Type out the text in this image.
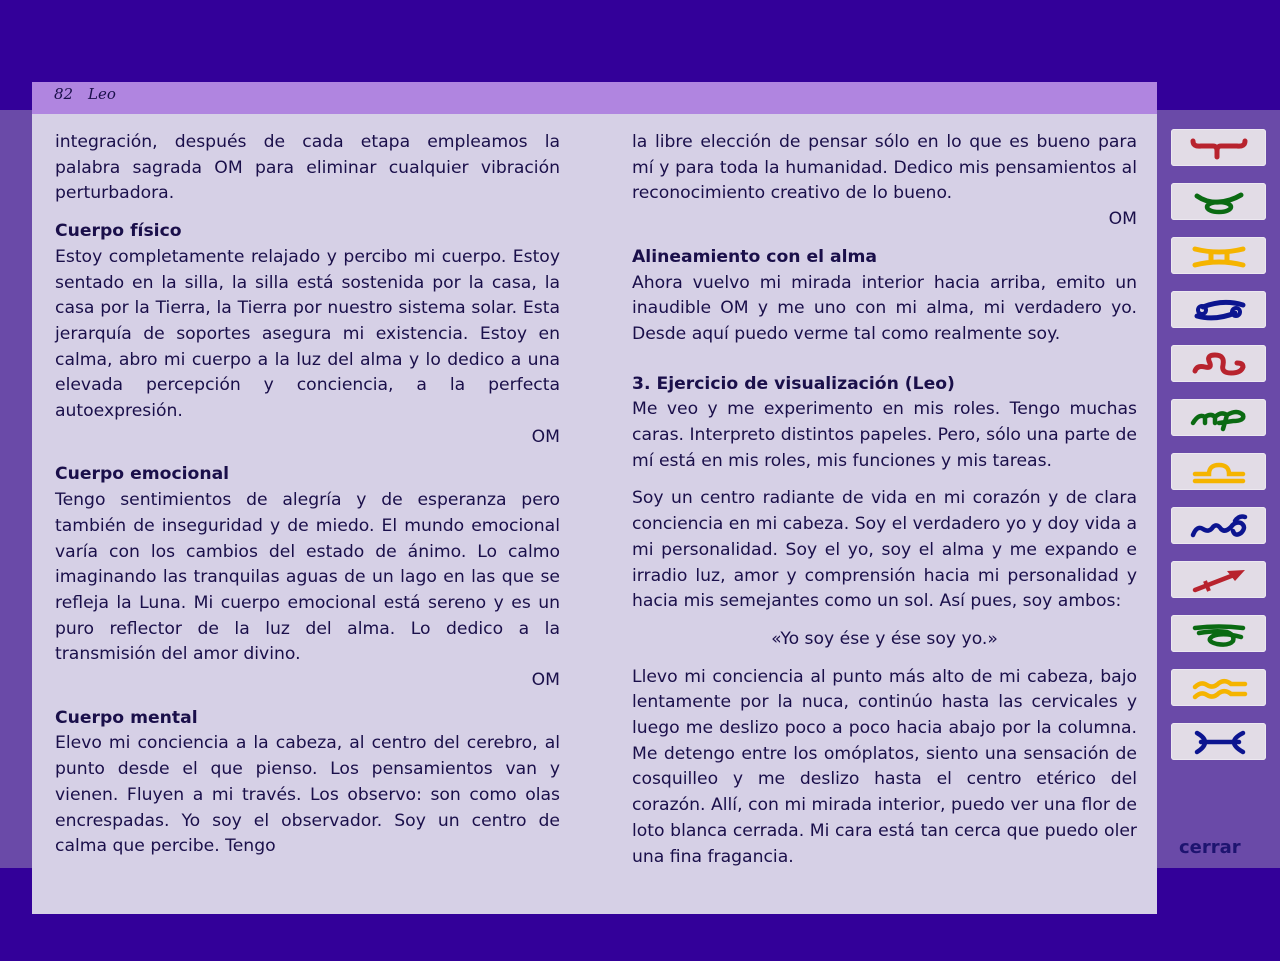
82 Leo

integración, después de cada etapa empleamos la palabra sagrada OM para eliminar cualquier vibración perturbadora.

Cuerpo físico
Estoy completamente relajado y percibo mi cuerpo. Estoy sentado en la silla, la silla está sostenida por la casa, la casa por la Tierra, la Tierra por nuestro sistema solar. Esta jerarquía de soportes asegura mi existencia. Estoy en calma, abro mi cuerpo a la luz del alma y lo dedico a una elevada percepción y conciencia, a la perfecta autoexpresión.
OM
Cuerpo emocional
Tengo sentimientos de alegría y de esperanza pero también de inseguridad y de miedo. El mundo emocional varía con los cambios del estado de ánimo. Lo calmo imaginando las tranquilas aguas de un lago en las que se refleja la Luna. Mi cuerpo emocional está sereno y es un puro reflector de la luz del alma. Lo dedico a la transmisión del amor divino.
OM
Cuerpo mental
Elevo mi conciencia a la cabeza, al centro del cerebro, al punto desde el que pienso. Los pensamientos van y vienen. Fluyen a mi través. Los observo: son como olas encrespadas. Yo soy el observador. Soy un centro de calma que percibe. Tengo
la libre elección de pensar sólo en lo que es bueno para mí y para toda la humanidad. Dedico mis pensamientos al reconocimiento creativo de lo bueno.
OM
Alineamiento con el alma
Ahora vuelvo mi mirada interior hacia arriba, emito un inaudible OM y me uno con mi alma, mi verdadero yo. Desde aquí puedo verme tal como realmente soy.
3. Ejercicio de visualización (Leo)
Me veo y me experimento en mis roles. Tengo muchas caras. Interpreto distintos papeles. Pero, sólo una parte de mí está en mis roles, mis funciones y mis tareas.

Soy un centro radiante de vida en mi corazón y de clara conciencia en mi cabeza. Soy el verdadero yo y doy vida a mi personalidad. Soy el yo, soy el alma y me expando e irradio luz, amor y comprensión hacia mi personalidad y hacia mis semejantes como un sol. Así pues, soy ambos:

«Yo soy ése y ése soy yo.»

Llevo mi conciencia al punto más alto de mi cabeza, bajo lentamente por la nuca, continúo hasta las cervicales y luego me deslizo poco a poco hacia abajo por la columna. Me detengo entre los omóplatos, siento una sensación de cosquilleo y me deslizo hasta el centro etérico del corazón. Allí, con mi mirada interior, puedo ver una flor de loto blanca cerrada. Mi cara está tan cerca que puedo oler una fina fragancia.	cerrar
